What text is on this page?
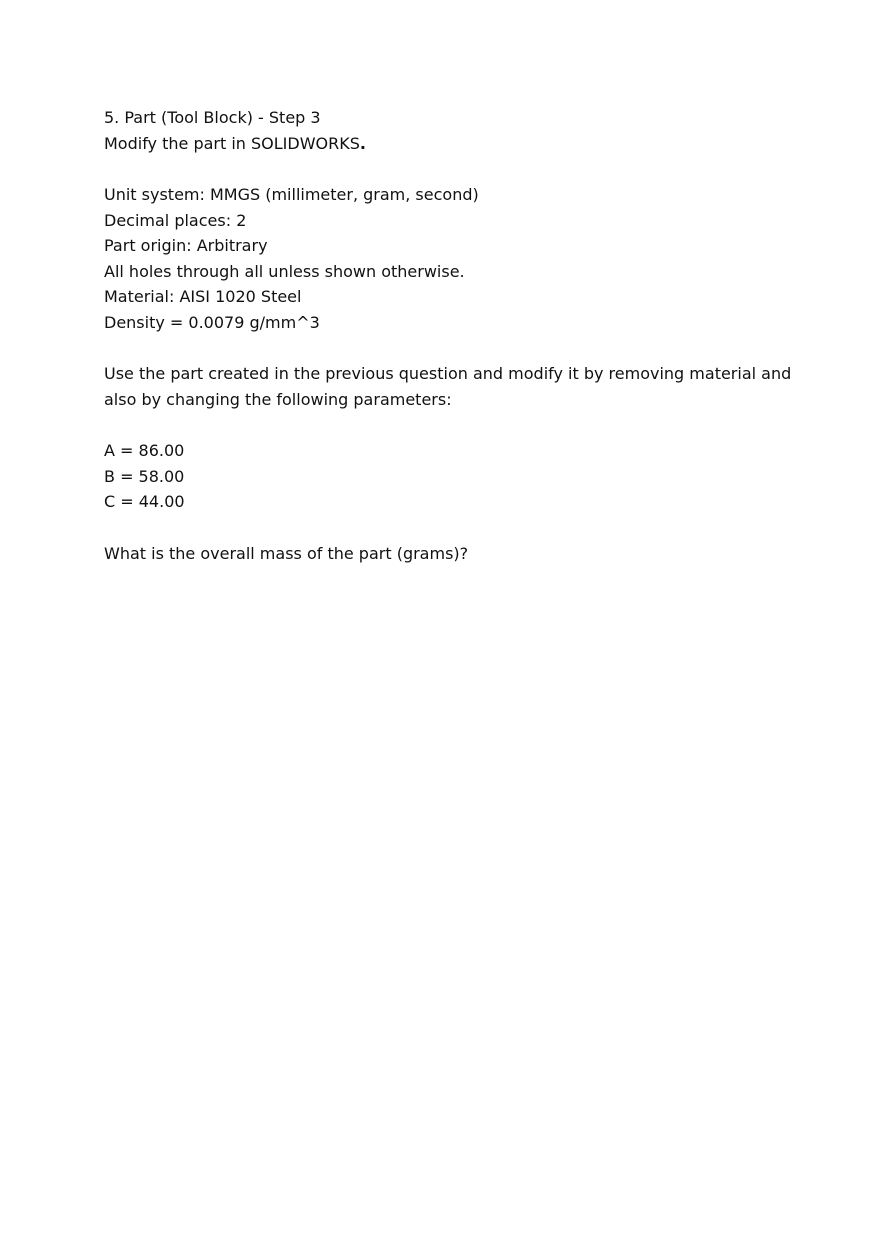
5. Part (Tool Block) - Step 3
Modify the part in SOLIDWORKS.
Unit system: MMGS (millimeter, gram, second)
Decimal places: 2
Part origin: Arbitrary
All holes through all unless shown otherwise.
Material: AISI 1020 Steel
Density = 0.0079 g/mm^3
Use the part created in the previous question and modify it by removing material and
also by changing the following parameters:
A = 86.00
B = 58.00
C = 44.00
What is the overall mass of the part (grams)?
